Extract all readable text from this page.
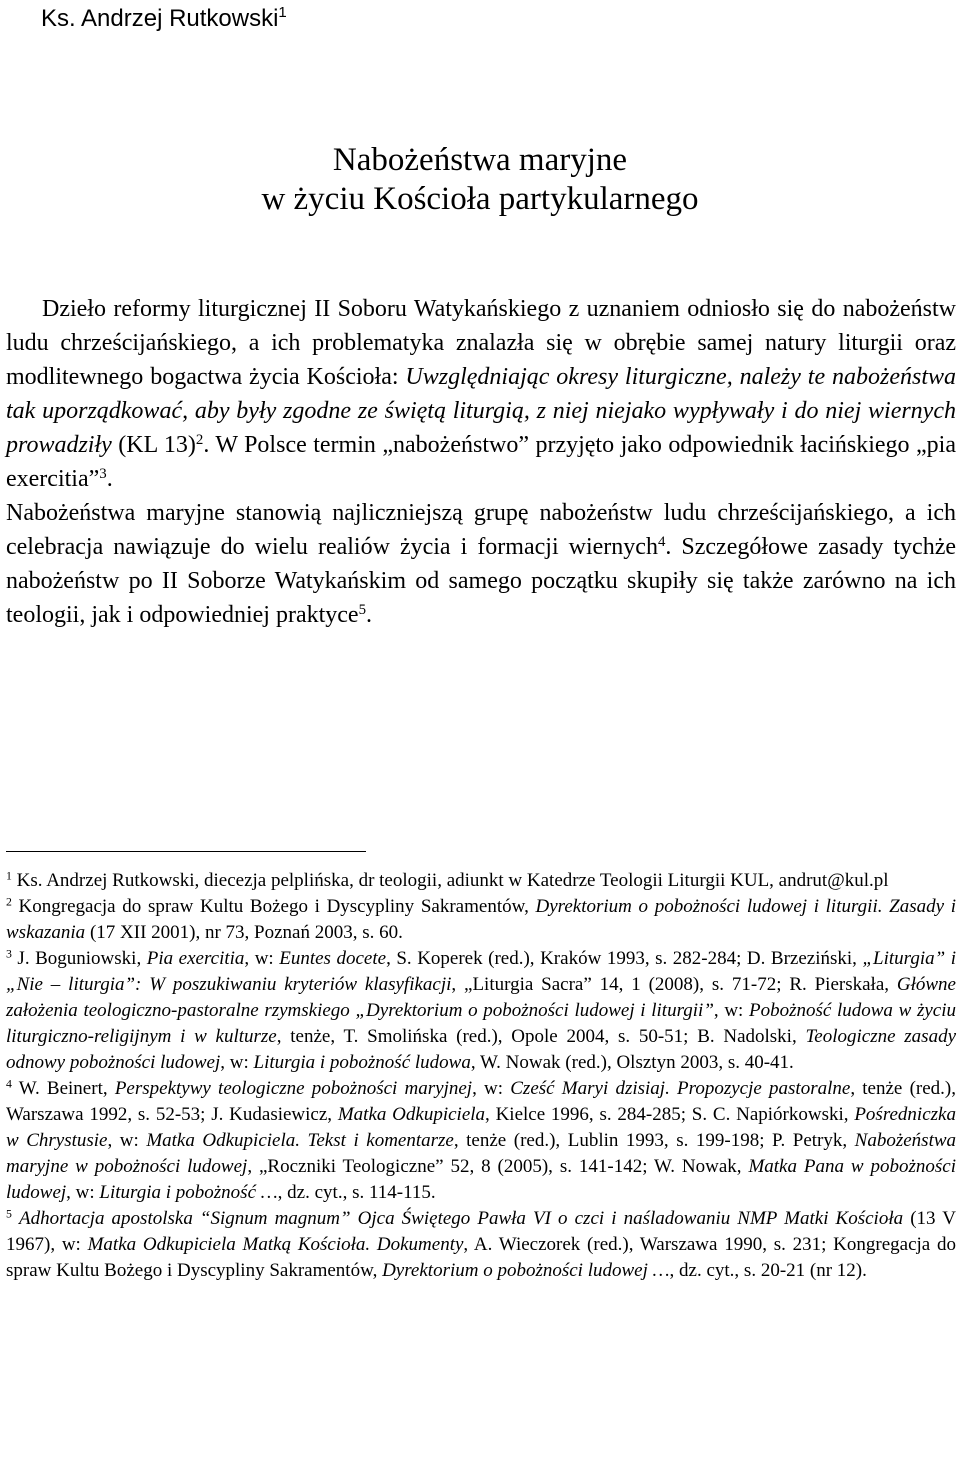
Ks. Andrzej Rutkowski$^1$
Nabożeństwa maryjne
w życiu Kościoła partykularnego

Dzieło reformy liturgicznej II Soboru Watykańskiego z uznaniem odniosło się do nabożeństw ludu chrześcijańskiego, a ich problematyka znalazła się w obrębie samej natury liturgii oraz modlitewnego bogactwa życia Kościoła: Uwzględniając okresy liturgiczne, należy te nabożeństwa tak uporządkować, aby były zgodne ze świętą liturgią, z niej niejako wypływały i do niej wiernych prowadziły (KL 13)$^2$. W Polsce termin „nabożeństwo” przyjęto jako odpowiednik łacińskiego „pia exercitia”$^3$.

Nabożeństwa maryjne stanowią najliczniejszą grupę nabożeństw ludu chrześcijańskiego, a ich celebracja nawiązuje do wielu realiów życia i formacji wiernych$^4$. Szczegółowe zasady tychże nabożeństw po II Soborze Watykańskim od samego początku skupiły się także zarówno na ich teologii, jak i odpowiedniej praktyce$^5$.

$^1$ Ks. Andrzej Rutkowski, diecezja pelplińska, dr teologii, adiunkt w Katedrze Teologii Liturgii KUL, andrut@kul.pl

$^2$ Kongregacja do spraw Kultu Bożego i Dyscypliny Sakramentów, Dyrektorium o pobożności ludowej i liturgii. Zasady i wskazania (17 XII 2001), nr 73, Poznań 2003, s. 60.

$^3$ J. Boguniowski, Pia exercitia, w: Euntes docete, S. Koperek (red.), Kraków 1993, s. 282-284; D. Brzeziński, „Liturgia” i „Nie – liturgia”: W poszukiwaniu kryteriów klasyfikacji, „Liturgia Sacra” 14, 1 (2008), s. 71-72; R. Pierskała, Główne założenia teologiczno-pastoralne rzymskiego „Dyrektorium o pobożności ludowej i liturgii”, w: Pobożność ludowa w życiu liturgiczno-religijnym i w kulturze, tenże, T. Smolińska (red.), Opole 2004, s. 50-51; B. Nadolski, Teologiczne zasady odnowy pobożności ludowej, w: Liturgia i pobożność ludowa, W. Nowak (red.), Olsztyn 2003, s. 40-41.

$^4$ W. Beinert, Perspektywy teologiczne pobożności maryjnej, w: Cześć Maryi dzisiaj. Propozycje pastoralne, tenże (red.), Warszawa 1992, s. 52-53; J. Kudasiewicz, Matka Odkupiciela, Kielce 1996, s. 284-285; S. C. Napiórkowski, Pośredniczka w Chrystusie, w: Matka Odkupiciela. Tekst i komentarze, tenże (red.), Lublin 1993, s. 199-198; P. Petryk, Nabożeństwa maryjne w pobożności ludowej, „Roczniki Teologiczne” 52, 8 (2005), s. 141-142; W. Nowak, Matka Pana w pobożności ludowej, w: Liturgia i pobożność …, dz. cyt., s. 114-115.

$^5$ Adhortacja apostolska “Signum magnum” Ojca Świętego Pawła VI o czci i naśladowaniu NMP Matki Kościoła (13 V 1967), w: Matka Odkupiciela Matką Kościoła. Dokumenty, A. Wieczorek (red.), Warszawa 1990, s. 231; Kongregacja do spraw Kultu Bożego i Dyscypliny Sakramentów, Dyrektorium o pobożności ludowej …, dz. cyt., s. 20-21 (nr 12).
